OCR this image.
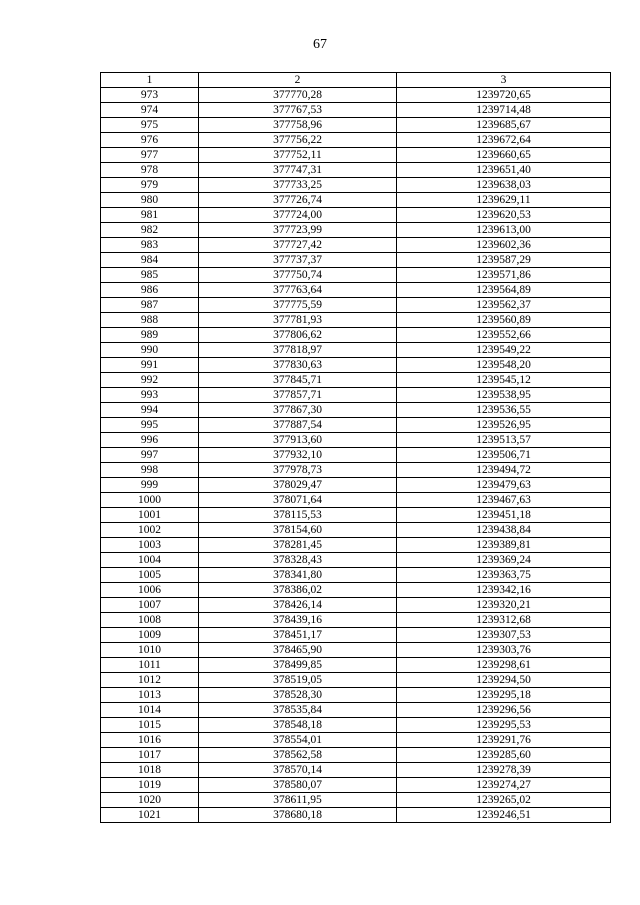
67
1	2	3
973	377770,28	1239720,65
974	377767,53	1239714,48
975	377758,96	1239685,67
976	377756,22	1239672,64
977	377752,11	1239660,65
978	377747,31	1239651,40
979	377733,25	1239638,03
980	377726,74	1239629,11
981	377724,00	1239620,53
982	377723,99	1239613,00
983	377727,42	1239602,36
984	377737,37	1239587,29
985	377750,74	1239571,86
986	377763,64	1239564,89
987	377775,59	1239562,37
988	377781,93	1239560,89
989	377806,62	1239552,66
990	377818,97	1239549,22
991	377830,63	1239548,20
992	377845,71	1239545,12
993	377857,71	1239538,95
994	377867,30	1239536,55
995	377887,54	1239526,95
996	377913,60	1239513,57
997	377932,10	1239506,71
998	377978,73	1239494,72
999	378029,47	1239479,63
1000	378071,64	1239467,63
1001	378115,53	1239451,18
1002	378154,60	1239438,84
1003	378281,45	1239389,81
1004	378328,43	1239369,24
1005	378341,80	1239363,75
1006	378386,02	1239342,16
1007	378426,14	1239320,21
1008	378439,16	1239312,68
1009	378451,17	1239307,53
1010	378465,90	1239303,76
1011	378499,85	1239298,61
1012	378519,05	1239294,50
1013	378528,30	1239295,18
1014	378535,84	1239296,56
1015	378548,18	1239295,53
1016	378554,01	1239291,76
1017	378562,58	1239285,60
1018	378570,14	1239278,39
1019	378580,07	1239274,27
1020	378611,95	1239265,02
1021	378680,18	1239246,51
